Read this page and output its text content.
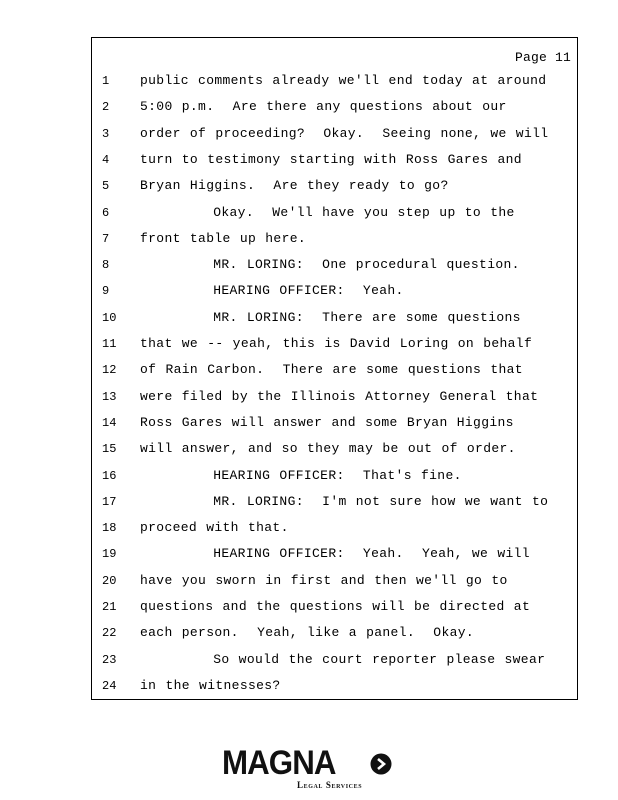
Page 11
1	public comments already we'll end today at around
2	5:00 p.m.  Are there any questions about our
3	order of proceeding?  Okay.  Seeing none, we will
4	turn to testimony starting with Ross Gares and
5	Bryan Higgins.  Are they ready to go?
6	Okay.  We'll have you step up to the
7	front table up here.
8	MR. LORING:  One procedural question.
9	HEARING OFFICER:  Yeah.
10	MR. LORING:  There are some questions
11	that we -- yeah, this is David Loring on behalf
12	of Rain Carbon.  There are some questions that
13	were filed by the Illinois Attorney General that
14	Ross Gares will answer and some Bryan Higgins
15	will answer, and so they may be out of order.
16	HEARING OFFICER:  That's fine.
17	MR. LORING:  I'm not sure how we want to
18	proceed with that.
19	HEARING OFFICER:  Yeah.  Yeah, we will
20	have you sworn in first and then we'll go to
21	questions and the questions will be directed at
22	each person.  Yeah, like a panel.  Okay.
23	So would the court reporter please swear
24	in the witnesses?
MAGNA
Legal Services
